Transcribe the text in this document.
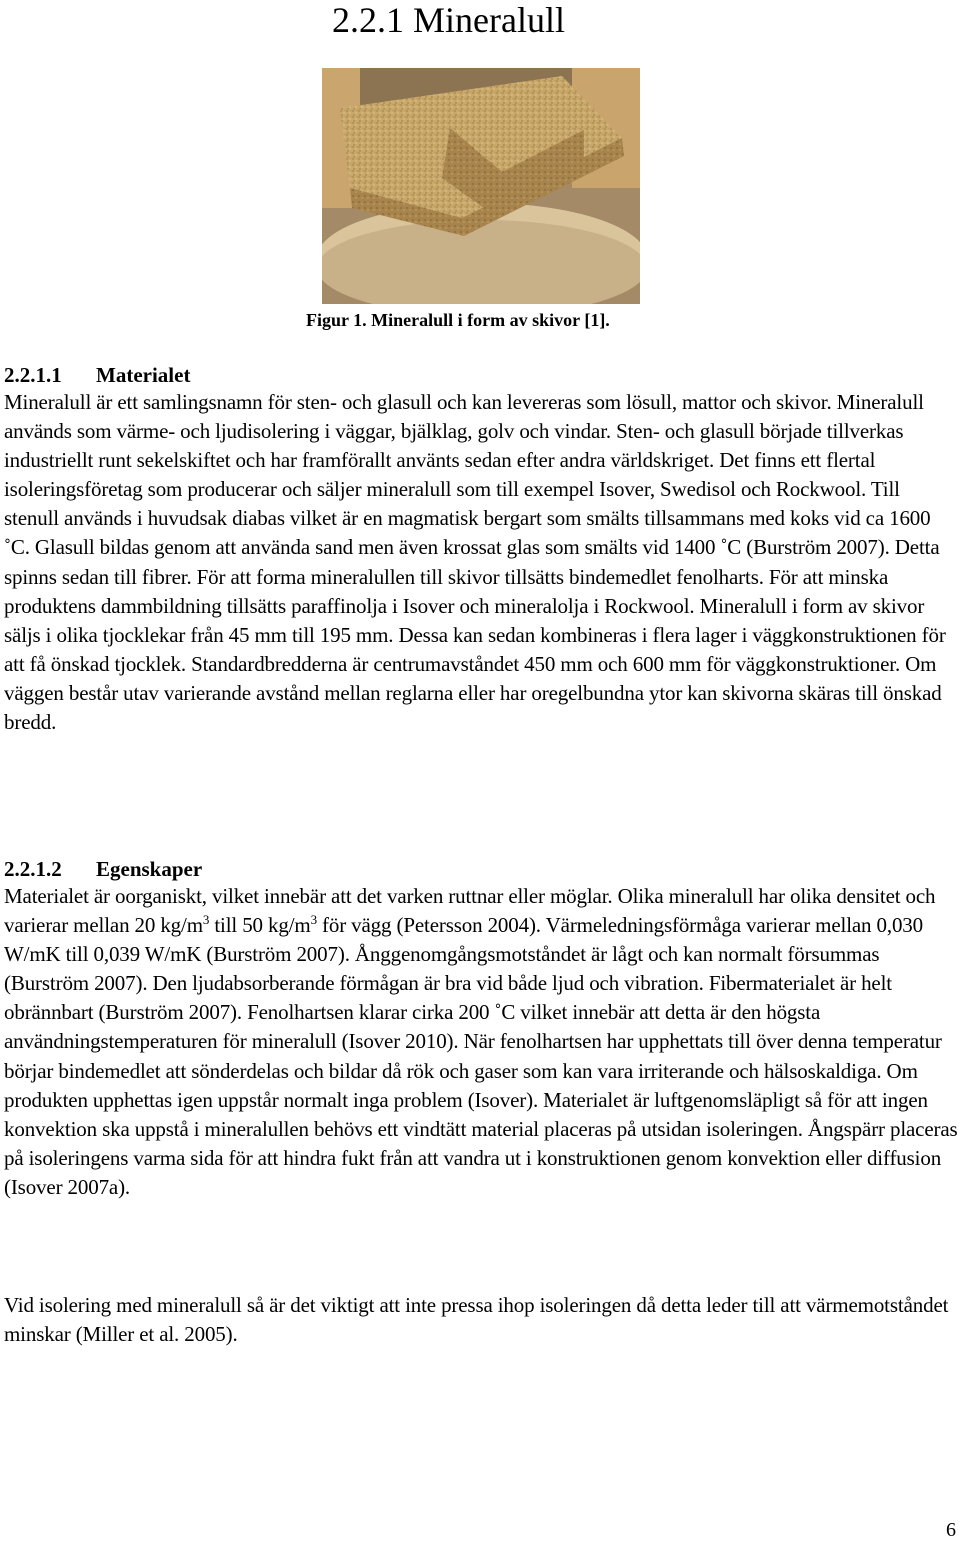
2.2.1 Mineralull
Figur 1. Mineralull i form av skivor [1].
2.2.1.1 Materialet
Mineralull är ett samlingsnamn för sten- och glasull och kan levereras som lösull, mattor och skivor. Mineralull används som värme- och ljudisolering i väggar, bjälklag, golv och vindar. Sten- och glasull började tillverkas industriellt runt sekelskiftet och har framförallt använts sedan efter andra världskriget. Det finns ett flertal isoleringsföretag som producerar och säljer mineralull som till exempel Isover, Swedisol och Rockwool. Till stenull används i huvudsak diabas vilket är en magmatisk bergart som smälts tillsammans med koks vid ca 1600 ˚C. Glasull bildas genom att använda sand men även krossat glas som smälts vid 1400 ˚C (Burström 2007). Detta spinns sedan till fibrer. För att forma mineralullen till skivor tillsätts bindemedlet fenolharts. För att minska produktens dammbildning tillsätts paraffinolja i Isover och mineralolja i Rockwool. Mineralull i form av skivor säljs i olika tjocklekar från 45 mm till 195 mm. Dessa kan sedan kombineras i flera lager i väggkonstruktionen för att få önskad tjocklek. Standardbredderna är centrumavståndet 450 mm och 600 mm för väggkonstruktioner. Om väggen består utav varierande avstånd mellan reglarna eller har oregelbundna ytor kan skivorna skäras till önskad bredd.
2.2.1.2 Egenskaper
Materialet är oorganiskt, vilket innebär att det varken ruttnar eller möglar. Olika mineralull har olika densitet och varierar mellan 20 $kg/m^3$ till 50 $kg/m^3$ för vägg (Petersson 2004). Värmeledningsförmåga varierar mellan 0,030 W/mK till 0,039 W/mK (Burström 2007). Ånggenomgångsmotståndet är lågt och kan normalt försummas (Burström 2007). Den ljudabsorberande förmågan är bra vid både ljud och vibration. Fibermaterialet är helt obrännbart (Burström 2007). Fenolhartsen klarar cirka 200 ˚C vilket innebär att detta är den högsta användningstemperaturen för mineralull (Isover 2010). När fenolhartsen har upphettats till över denna temperatur börjar bindemedlet att sönderdelas och bildar då rök och gaser som kan vara irriterande och hälsoskaldiga. Om produkten upphettas igen uppstår normalt inga problem (Isover). Materialet är luftgenomsläpligt så för att ingen konvektion ska uppstå i mineralullen behövs ett vindtätt material placeras på utsidan isoleringen. Ångspärr placeras på isoleringens varma sida för att hindra fukt från att vandra ut i konstruktionen genom konvektion eller diffusion (Isover 2007a).
Vid isolering med mineralull så är det viktigt att inte pressa ihop isoleringen då detta leder till att värmemotståndet minskar (Miller et al. 2005).
6
